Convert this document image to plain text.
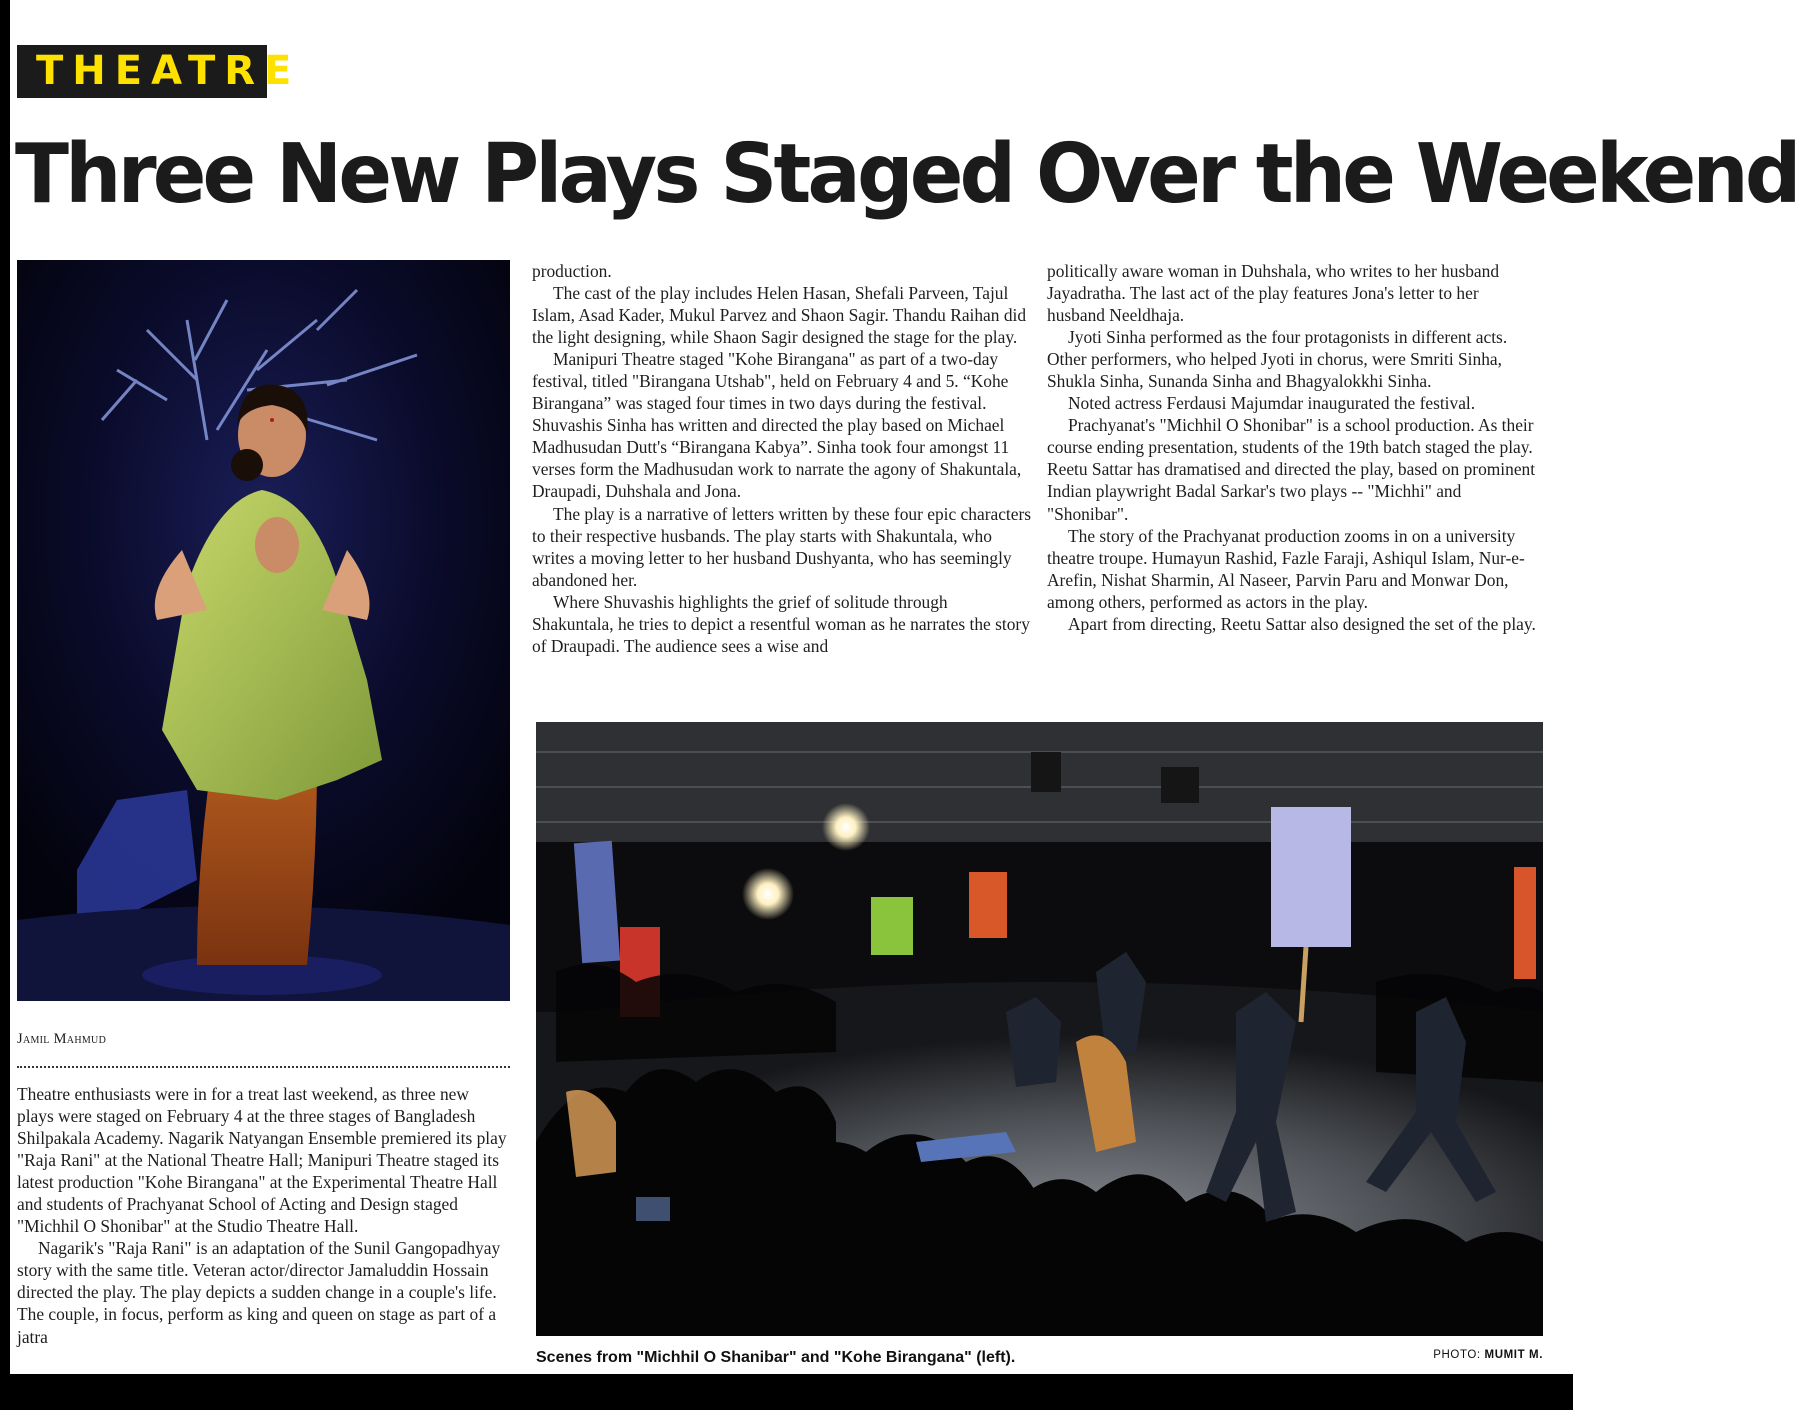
THEATRE
Three New Plays Staged Over the Weekend
Jamil Mahmud

Theatre enthusiasts were in for a treat last weekend, as three new plays were staged on February 4 at the three stages of Bangladesh Shilpakala Academy. Nagarik Natyangan Ensemble premiered its play "Raja Rani" at the National Theatre Hall; Manipuri Theatre staged its latest production "Kohe Birangana" at the Experimental Theatre Hall and students of Prachyanat School of Acting and Design staged "Michhil O Shonibar" at the Studio Theatre Hall.

Nagarik's "Raja Rani" is an adaptation of the Sunil Gangopadhyay story with the same title. Veteran actor/director Jamaluddin Hossain directed the play. The play depicts a sudden change in a couple's life. The couple, in focus, perform as king and queen on stage as part of a jatra

production.

The cast of the play includes Helen Hasan, Shefali Parveen, Tajul Islam, Asad Kader, Mukul Parvez and Shaon Sagir. Thandu Raihan did the light designing, while Shaon Sagir designed the stage for the play.

Manipuri Theatre staged "Kohe Birangana" as part of a two-day festival, titled "Birangana Utshab", held on February 4 and 5. “Kohe Birangana” was staged four times in two days during the festival. Shuvashis Sinha has written and directed the play based on Michael Madhusudan Dutt's “Birangana Kabya”. Sinha took four amongst 11 verses form the Madhusudan work to narrate the agony of Shakuntala, Draupadi, Duhshala and Jona.

The play is a narrative of letters written by these four epic characters to their respective husbands. The play starts with Shakuntala, who writes a moving letter to her husband Dushyanta, who has seemingly abandoned her.

Where Shuvashis highlights the grief of solitude through Shakuntala, he tries to depict a resentful woman as he narrates the story of Draupadi. The audience sees a wise and

politically aware woman in Duhshala, who writes to her husband Jayadratha. The last act of the play features Jona's letter to her husband Neeldhaja.

Jyoti Sinha performed as the four protagonists in different acts. Other performers, who helped Jyoti in chorus, were Smriti Sinha, Shukla Sinha, Sunanda Sinha and Bhagyalokkhi Sinha.

Noted actress Ferdausi Majumdar inaugurated the festival.

Prachyanat's "Michhil O Shonibar" is a school production. As their course ending presentation, students of the 19th batch staged the play. Reetu Sattar has dramatised and directed the play, based on prominent Indian playwright Badal Sarkar's two plays -- "Michhi" and "Shonibar".

The story of the Prachyanat production zooms in on a university theatre troupe. Humayun Rashid, Fazle Faraji, Ashiqul Islam, Nur-e-Arefin, Nishat Sharmin, Al Naseer, Parvin Paru and Monwar Don, among others, performed as actors in the play.

Apart from directing, Reetu Sattar also designed the set of the play.

Scenes from "Michhil O Shanibar" and "Kohe Birangana" (left).	PHOTO: MUMIT M.
